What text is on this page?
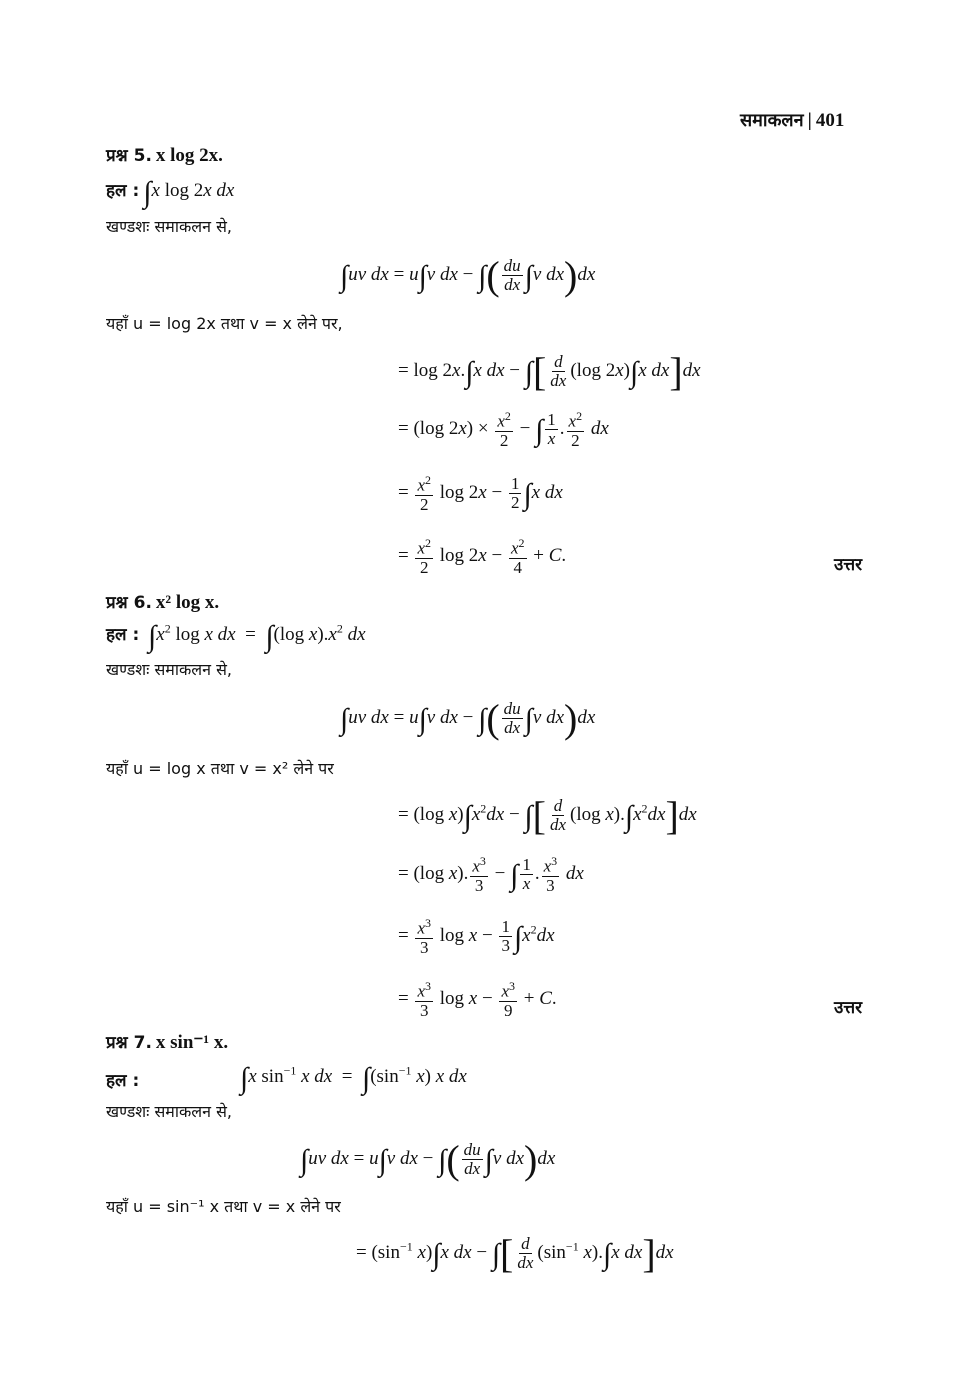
समाकलन | 401
प्रश्न 5. x log 2x.
हल : ∫x log 2x dx
खण्डशः समाकलन से,
∫uv dx = u∫v dx − ∫( $\frac{du}{dx} \int v$ dx)dx
यहाँ u = log 2x तथा v = x लेने पर,
= log 2x.∫x dx − ∫[ $\frac{d}{dx} (\log$ 2x)∫x dx]dx
= (log $2x) \times \frac{x^2}{2}$ − ∫ $\frac{1}{x}$ . $\frac{x^2}{2}$ dx
= $\frac{x^2}{2}$ $\log 2x - \frac{1}{2} \int x$ dx
= $\frac{x^2}{2}$ $\log 2x - \frac{x^2}{4} + C$.	उत्तर
प्रश्न 6. x² log x.
हल : $\int x^2$ log x dx  =  ∫(log $x).x^2$ dx
खण्डशः समाकलन से,
∫uv dx = u∫v dx − ∫( $\frac{du}{dx} \int v$ dx)dx
यहाँ u = log x तथा v = x² लेने पर
= (log $x)\int x^2dx$ − ∫[ $\frac{d}{dx} (\log$ $x).\int x^2dx]dx$
= (log x). $\frac{x^3}{3}$ − ∫ $\frac{1}{x}$ . $\frac{x^3}{3}$ dx
= $\frac{x^3}{3}$ $\log x - \frac{1}{3} \int x^2dx$
= $\frac{x^3}{3}$ $\log x - \frac{x^3}{9} + C$.	उत्तर
प्रश्न 7. x sin⁻¹ x.
हल :	∫x $\sin^{-1} x$ dx  =  $\int(\sin^{-1}$ x) x dx
खण्डशः समाकलन से,
∫uv dx = u∫v dx − ∫( $\frac{du}{dx} \int v$ dx)dx
यहाँ u = sin⁻¹ x तथा v = x लेने पर
= ($\sin^{-1}$ x)∫x dx − ∫[ $\frac{d}{dx} (\sin^{-1}$ x).∫x dx]dx
